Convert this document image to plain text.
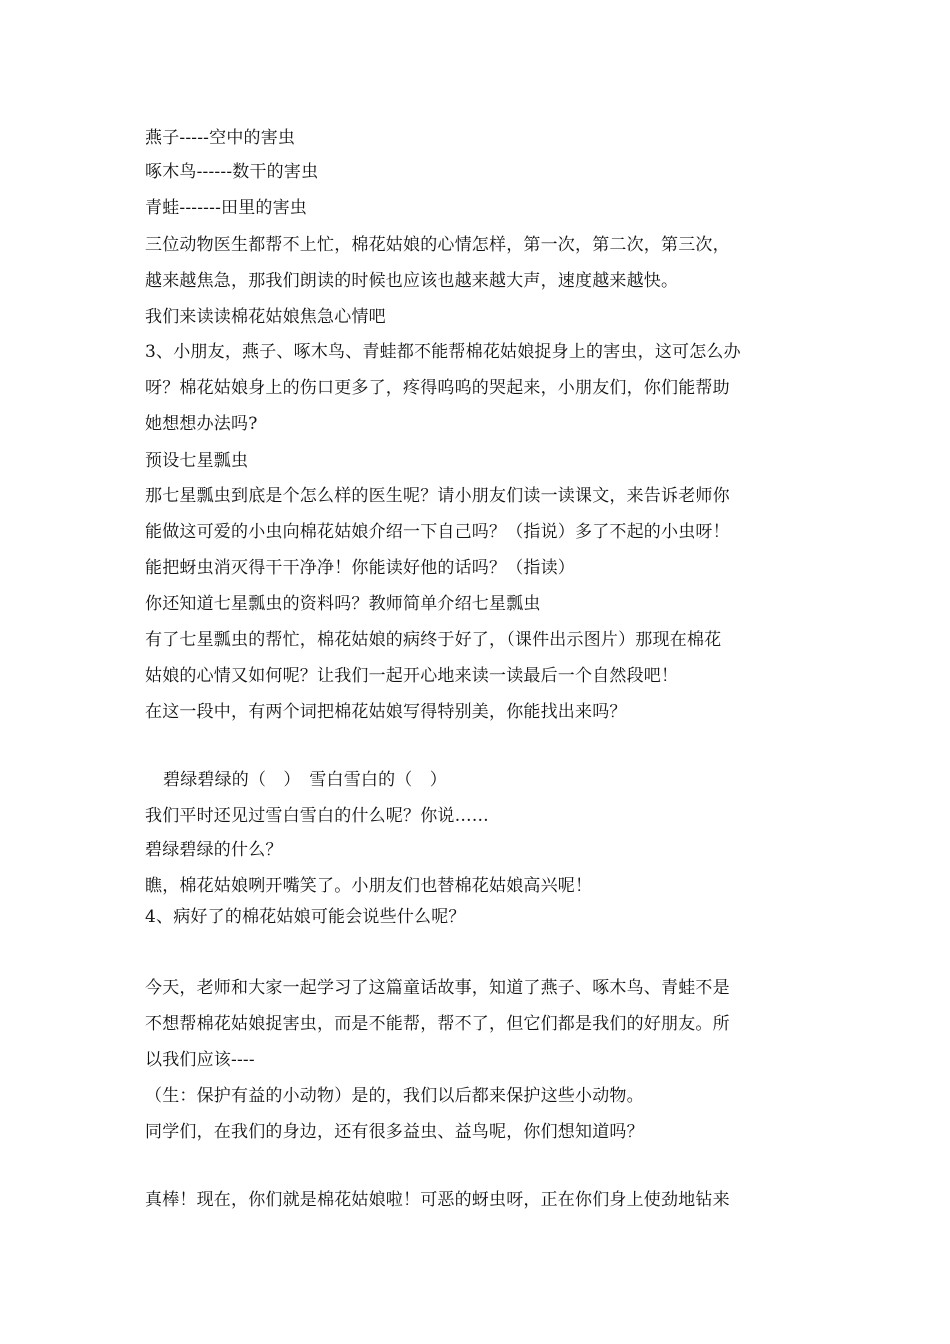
燕子-----空中的害虫
啄木鸟------数干的害虫
青蛙-------田里的害虫
三位动物医生都帮不上忙，棉花姑娘的心情怎样，第一次，第二次，第三次，
越来越焦急，那我们朗读的时候也应该也越来越大声，速度越来越快。
我们来读读棉花姑娘焦急心情吧
3、小朋友，燕子、啄木鸟、青蛙都不能帮棉花姑娘捉身上的害虫，这可怎么办
呀？棉花姑娘身上的伤口更多了，疼得呜呜的哭起来，小朋友们，你们能帮助
她想想办法吗?
预设七星瓢虫
那七星瓢虫到底是个怎么样的医生呢？请小朋友们读一读课文，来告诉老师你
能做这可爱的小虫向棉花姑娘介绍一下自己吗？（指说）多了不起的小虫呀！
能把蚜虫消灭得干干净净！你能读好他的话吗？（指读）
你还知道七星瓢虫的资料吗？教师简单介绍七星瓢虫
有了七星瓢虫的帮忙，棉花姑娘的病终于好了，（课件出示图片）那现在棉花
姑娘的心情又如何呢？让我们一起开心地来读一读最后一个自然段吧！
在这一段中，有两个词把棉花姑娘写得特别美，你能找出来吗？
碧绿碧绿的（　）　雪白雪白的（　）
我们平时还见过雪白雪白的什么呢？你说……
碧绿碧绿的什么？
瞧，棉花姑娘咧开嘴笑了。小朋友们也替棉花姑娘高兴呢！
4、病好了的棉花姑娘可能会说些什么呢？
今天，老师和大家一起学习了这篇童话故事，知道了燕子、啄木鸟、青蛙不是
不想帮棉花姑娘捉害虫，而是不能帮，帮不了，但它们都是我们的好朋友。所
以我们应该----
（生：保护有益的小动物）是的，我们以后都来保护这些小动物。
同学们，在我们的身边，还有很多益虫、益鸟呢，你们想知道吗？
真棒！现在，你们就是棉花姑娘啦！可恶的蚜虫呀，正在你们身上使劲地钻来
